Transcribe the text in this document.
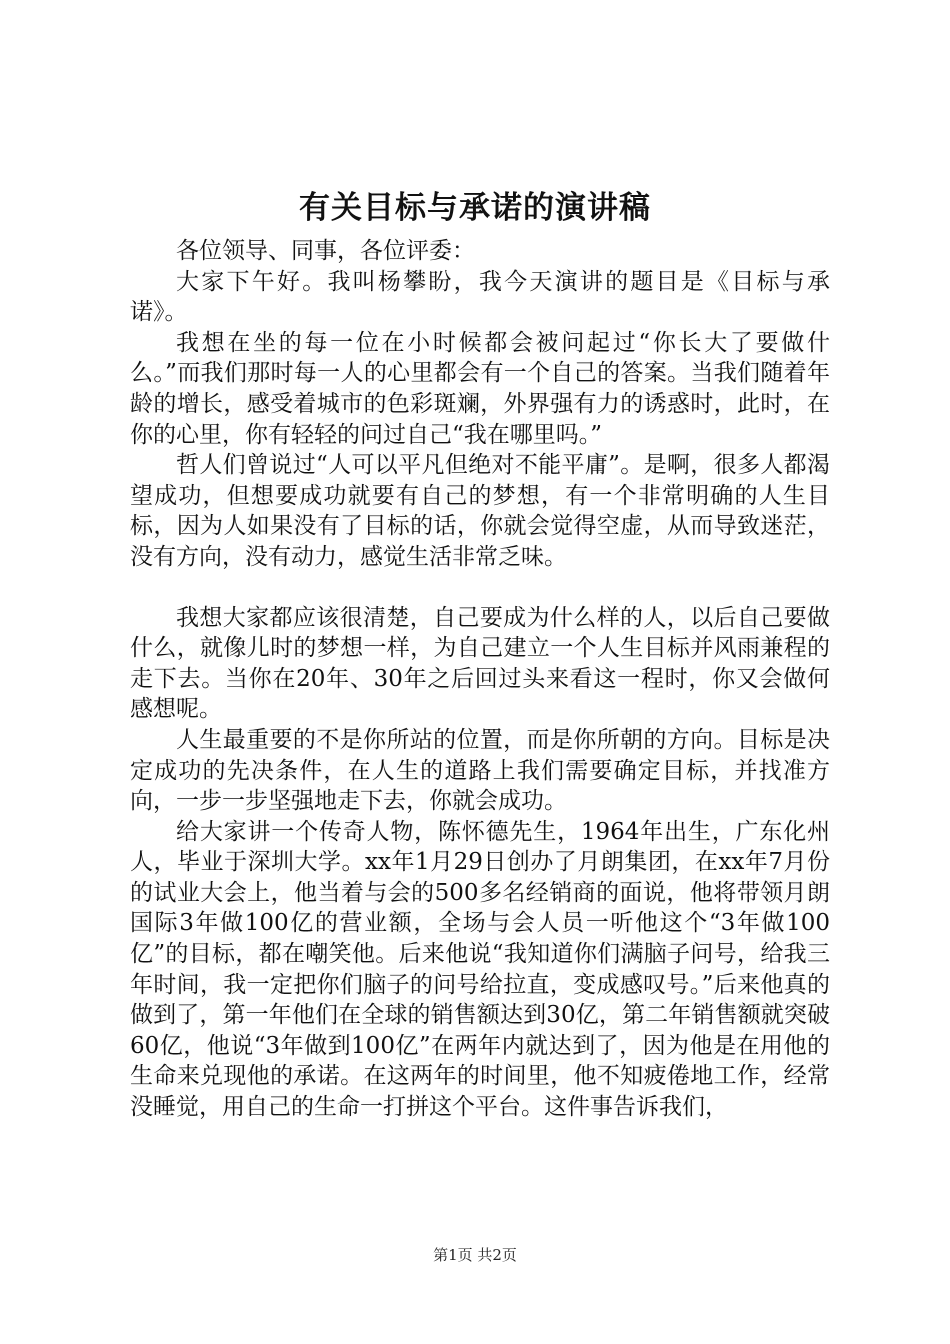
有关目标与承诺的演讲稿

各位领导、同事，各位评委：

大家下午好。我叫杨攀盼，我今天演讲的题目是《目标与承诺》。

我想在坐的每一位在小时候都会被问起过“你长大了要做什么。”而我们那时每一人的心里都会有一个自己的答案。当我们随着年龄的增长，感受着城市的色彩斑斓，外界强有力的诱惑时，此时，在你的心里，你有轻轻的问过自己“我在哪里吗。”

哲人们曾说过“人可以平凡但绝对不能平庸”。是啊，很多人都渴望成功，但想要成功就要有自己的梦想，有一个非常明确的人生目标，因为人如果没有了目标的话，你就会觉得空虚，从而导致迷茫，没有方向，没有动力，感觉生活非常乏味。

我想大家都应该很清楚，自己要成为什么样的人，以后自己要做什么，就像儿时的梦想一样，为自己建立一个人生目标并风雨兼程的走下去。当你在20年、30年之后回过头来看这一程时，你又会做何感想呢。

人生最重要的不是你所站的位置，而是你所朝的方向。目标是决定成功的先决条件，在人生的道路上我们需要确定目标，并找准方向，一步一步坚强地走下去，你就会成功。

给大家讲一个传奇人物，陈怀德先生，1964年出生，广东化州人，毕业于深圳大学。xx年1月29日创办了月朗集团，在xx年7月份的试业大会上，他当着与会的500多名经销商的面说，他将带领月朗国际3年做100亿的营业额，全场与会人员一听他这个“3年做100亿”的目标，都在嘲笑他。后来他说“我知道你们满脑子问号，给我三年时间，我一定把你们脑子的问号给拉直，变成感叹号。”后来他真的做到了，第一年他们在全球的销售额达到30亿，第二年销售额就突破60亿，他说“3年做到100亿”在两年内就达到了，因为他是在用他的生命来兑现他的承诺。在这两年的时间里，他不知疲倦地工作，经常没睡觉，用自己的生命一打拼这个平台。这件事告诉我们，

第1页 共2页
